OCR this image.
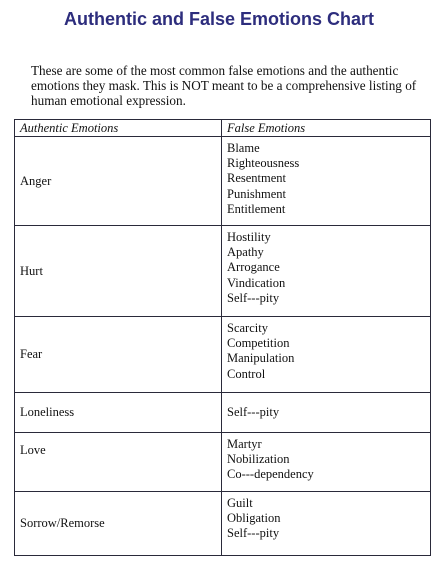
Authentic and False Emotions Chart
These are some of the most common false emotions and the authentic
emotions they mask. This is NOT meant to be a comprehensive listing of
human emotional expression.
Authentic Emotions	False Emotions
Anger	Blame
Righteousness
Resentment
Punishment
Entitlement

Hurt	Hostility
Apathy
Arrogance
Vindication
Self---pity

Fear	Scarcity
Competition
Manipulation
Control

Loneliness	Self---pity

Love	Martyr
Nobilization
Co---dependency

Sorrow/Remorse	Guilt
Obligation
Self---pity
